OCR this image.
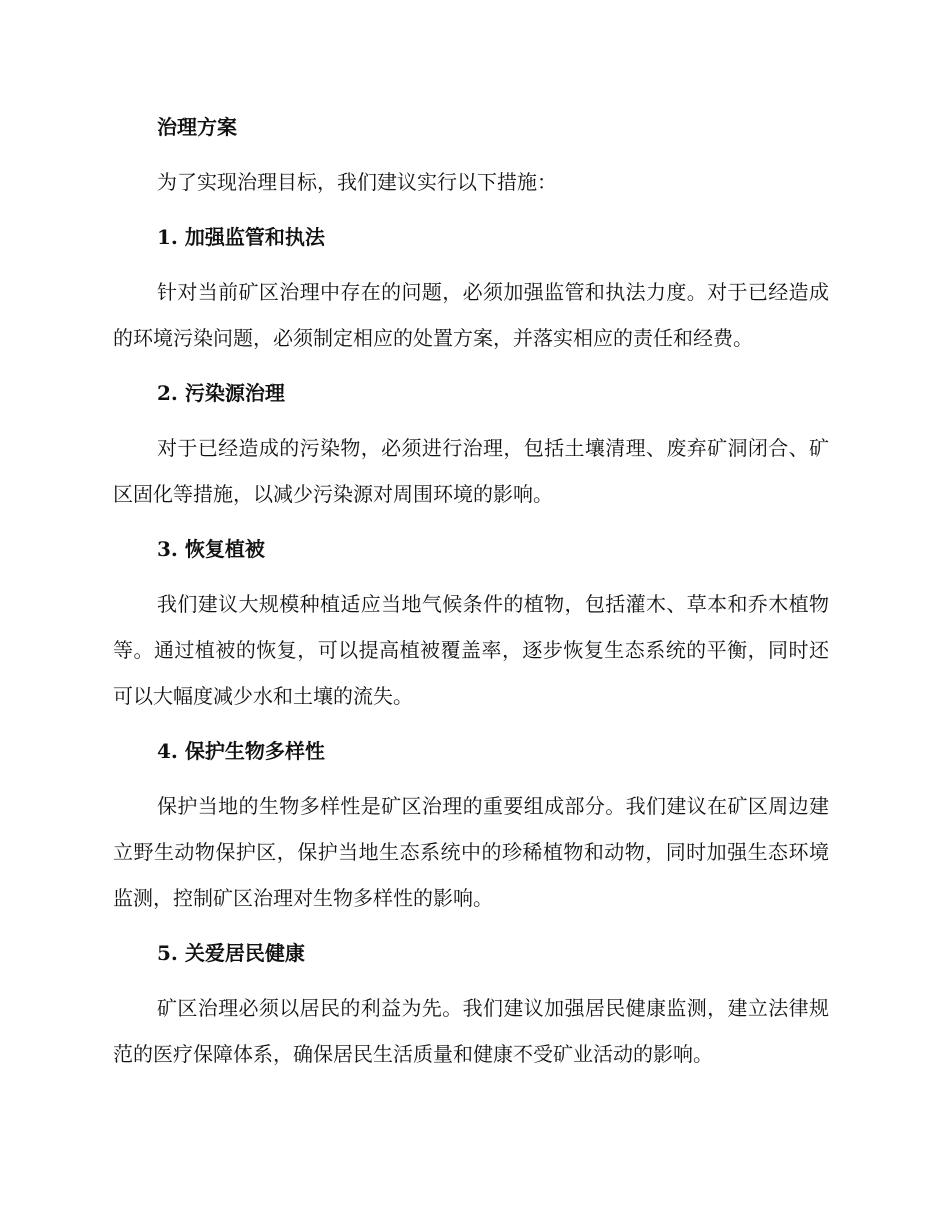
治理方案

为了实现治理目标，我们建议实行以下措施：

1. 加强监管和执法

针对当前矿区治理中存在的问题，必须加强监管和执法力度。对于已经造成的环境污染问题，必须制定相应的处置方案，并落实相应的责任和经费。

2. 污染源治理

对于已经造成的污染物，必须进行治理，包括土壤清理、废弃矿洞闭合、矿区固化等措施，以减少污染源对周围环境的影响。

3. 恢复植被

我们建议大规模种植适应当地气候条件的植物，包括灌木、草本和乔木植物等。通过植被的恢复，可以提高植被覆盖率，逐步恢复生态系统的平衡，同时还可以大幅度减少水和土壤的流失。

4. 保护生物多样性

保护当地的生物多样性是矿区治理的重要组成部分。我们建议在矿区周边建立野生动物保护区，保护当地生态系统中的珍稀植物和动物，同时加强生态环境监测，控制矿区治理对生物多样性的影响。

5. 关爱居民健康

矿区治理必须以居民的利益为先。我们建议加强居民健康监测，建立法律规范的医疗保障体系，确保居民生活质量和健康不受矿业活动的影响。
